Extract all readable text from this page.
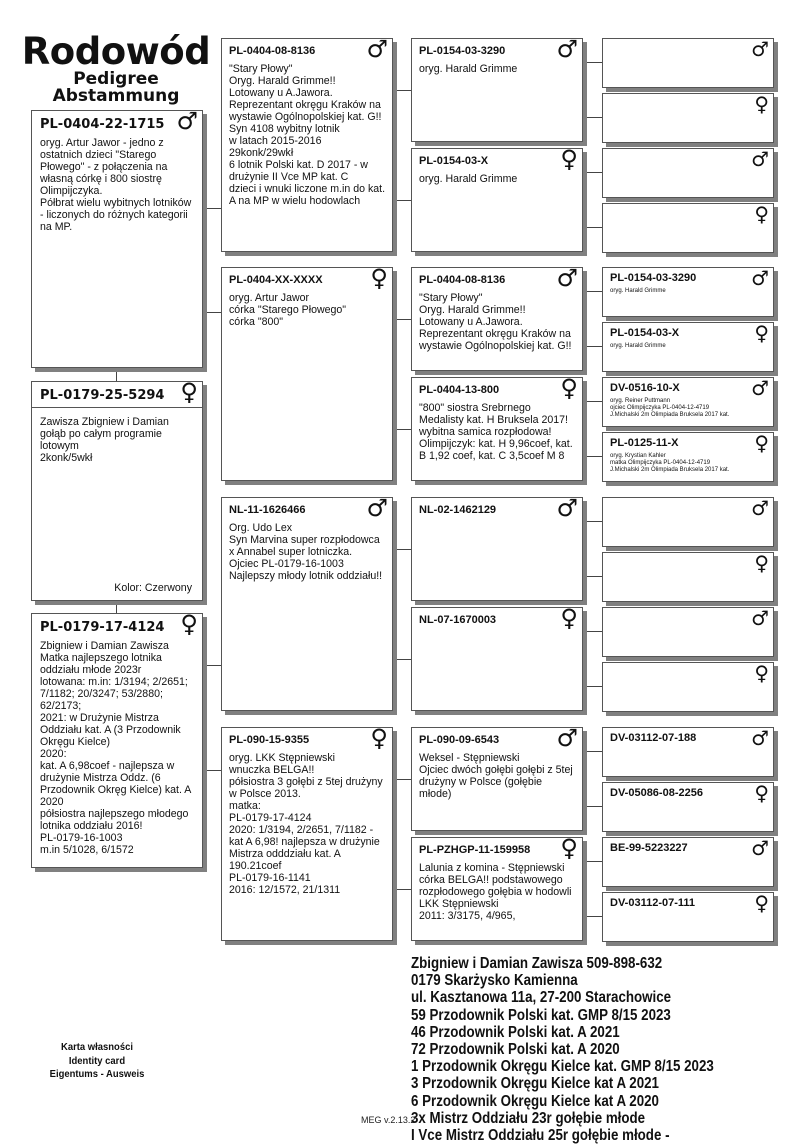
Rodowód
Pedigree
Abstammung
PL-0404-22-1715 ♂
oryg. Artur Jawor - jedno z
ostatnich dzieci "Starego
Płowego" - z połączenia na
własną córkę i 800 siostrę
Olimpijczyka.
Półbrat wielu wybitnych lotników
- liczonych do różnych kategorii
na MP.
PL-0179-25-5294 ♀
Zawisza Zbigniew i Damian
gołąb po całym programie
lotowym
2konk/5wkł
Kolor: Czerwony
PL-0179-17-4124 ♀
Zbigniew i Damian Zawisza
Matka najlepszego lotnika
oddziału młode 2023r
lotowana: m.in: 1/3194; 2/2651;
7/1182; 20/3247; 53/2880;
62/2173;
2021: w Drużynie Mistrza
Oddziału kat. A (3 Przodownik
Okręgu Kielce)
2020:
kat. A 6,98coef - najlepsza w
drużynie Mistrza Oddz. (6
Przodownik Okręg Kielce) kat. A
2020
półsiostra najlepszego młodego
lotnika oddziału 2016!
PL-0179-16-1003
m.in 5/1028, 6/1572
PL-0404-08-8136 ♂
"Stary Płowy"
Oryg. Harald Grimme!!
Lotowany u A.Jawora.
Reprezentant okręgu Kraków na
wystawie Ogólnopolskiej kat. G!!
Syn 4108 wybitny lotnik
w latach 2015-2016
29konk/29wkł
6 lotnik Polski kat. D 2017 - w
drużynie II Vce MP kat. C
dzieci i wnuki liczone m.in do kat.
A na MP w wielu hodowlach
PL-0404-XX-XXXX ♀
oryg. Artur Jawor
córka "Starego Płowego"
córka "800"
NL-11-1626466	♂
Org. Udo Lex
Syn Marvina super rozpłodowca
x Annabel super lotniczka.
Ojciec PL-0179-16-1003
Najlepszy młody lotnik oddziału!!
PL-090-15-9355	♀
oryg. LKK Stępniewski
wnuczka BELGA!!
półsiostra 3 gołębi z 5tej drużyny
w Polsce 2013.
matka:
PL-0179-17-4124
2020: 1/3194, 2/2651, 7/1182 -
kat A 6,98! najlepsza w drużynie
Mistrza odddziału kat. A
190.21coef
PL-0179-16-1141
2016: 12/1572, 21/1311
PL-0154-03-3290 ♂
oryg. Harald Grimme
PL-0154-03-X	♀
oryg. Harald Grimme
PL-0404-08-8136 ♂
"Stary Płowy"
Oryg. Harald Grimme!!
Lotowany u A.Jawora.
Reprezentant okręgu Kraków na
wystawie Ogólnopolskiej kat. G!!
PL-0404-13-800	♀
"800" siostra Srebrnego
Medalisty kat. H Bruksela 2017!
wybitna samica rozpłodowa!
Olimpijczyk: kat. H 9,96coef, kat.
B 1,92 coef, kat. C 3,5coef M 8
NL-02-1462129	♂
NL-07-1670003	♀
PL-090-09-6543 ♂
Weksel - Stępniewski
Ojciec dwóch gołębi gołębi z 5tej
drużyny w Polsce (gołębie
młode)
PL-PZHGP-11-159958 ♀
Lalunia z komina - Stępniewski
córka BELGA!! podstawowego
rozpłodowego gołębia w hodowli
LKK Stępniewski
2011: 3/3175, 4/965,
♂
♀
♂
♀
PL-0154-03-3290	♂
oryg. Harald Grimme
PL-0154-03-X	♀
oryg. Harald Grimme
DV-0516-10-X	♂
oryg. Reiner Puttmann
ojciec Olimpijczyka PL-0404-12-4719
J.Michalski 2m Olimpiada Bruksela 2017 kat.
PL-0125-11-X	♀
oryg. Krystian Kahler
matka Olimpijczyka PL-0404-12-4719
J.Michalski 2m Olimpiada Bruksela 2017 kat.
♂
♀
♂
♀
DV-03112-07-188	♂
DV-05086-08-2256	♀
BE-99-5223227	♂
DV-03112-07-111	♀
Zbigniew i Damian Zawisza 509-898-632
0179 Skarżysko Kamienna
ul. Kasztanowa 11a, 27-200 Starachowice
59 Przodownik Polski kat. GMP 8/15 2023
46 Przodownik Polski kat. A 2021
72 Przodownik Polski kat. A 2020
1 Przodownik Okręgu Kielce kat. GMP 8/15 2023
3 Przodownik Okręgu Kielce kat A 2021
6 Przodownik Okręgu Kielce kat A 2020
3x Mistrz Oddziału 23r gołębie młode
I Vce Mistrz Oddziału 25r gołębie młode -
Karta własności
Identity card
Eigentums - Ausweis
MEG v.2.13.2
